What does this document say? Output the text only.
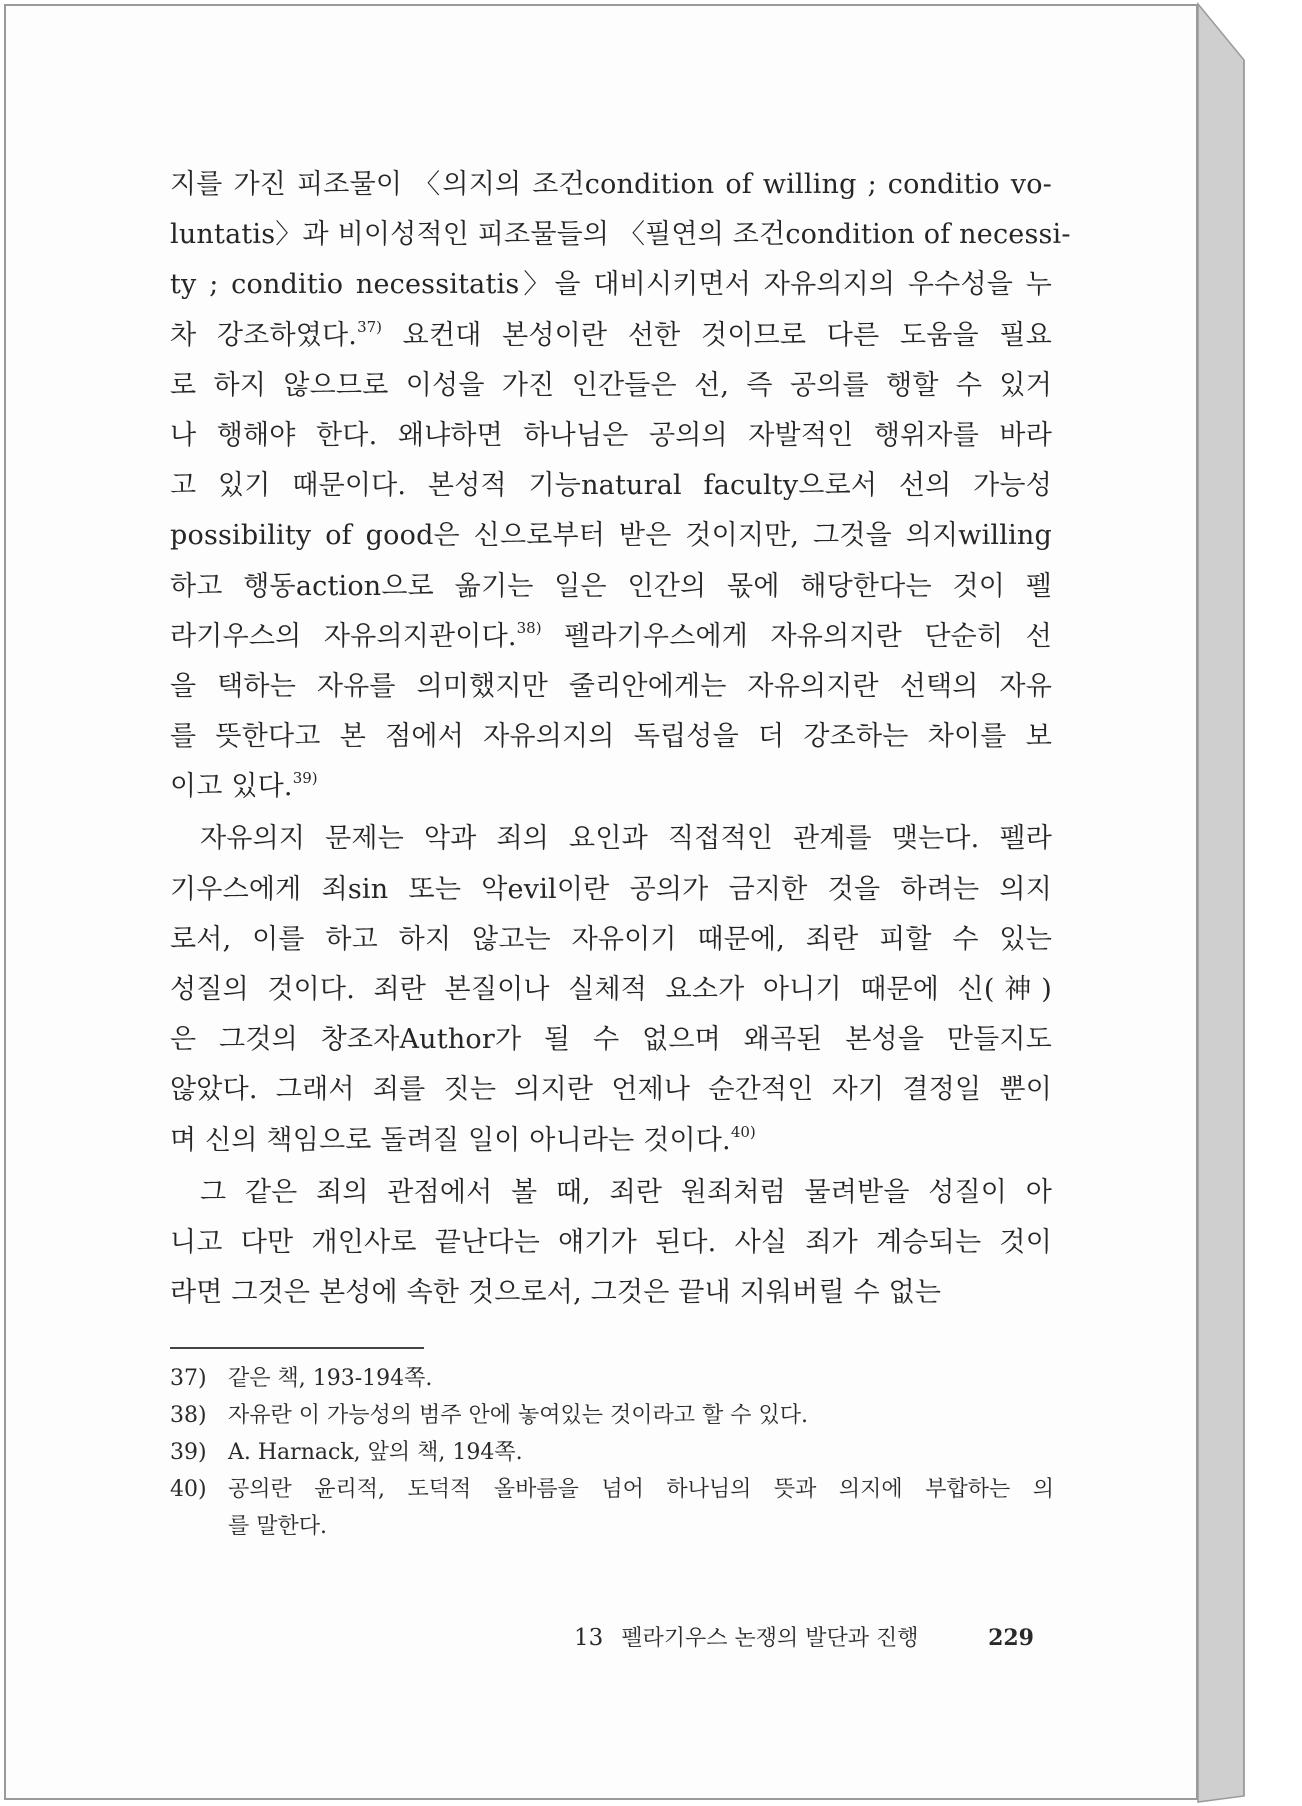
지를 가진 피조물이 〈의지의 조건condition of willing ; conditio vo-
luntatis〉과 비이성적인 피조물들의 〈필연의 조건condition of necessi-
ty ; conditio necessitatis〉을 대비시키면서 자유의지의 우수성을 누
차 강조하였다.$^{37)}$ 요컨대 본성이란 선한 것이므로 다른 도움을 필요
로 하지 않으므로 이성을 가진 인간들은 선, 즉 공의를 행할 수 있거
나 행해야 한다. 왜냐하면 하나님은 공의의 자발적인 행위자를 바라
고 있기 때문이다. 본성적 기능natural faculty으로서 선의 가능성
possibility of good은 신으로부터 받은 것이지만, 그것을 의지willing
하고 행동action으로 옮기는 일은 인간의 몫에 해당한다는 것이 펠
라기우스의 자유의지관이다.$^{38)}$ 펠라기우스에게 자유의지란 단순히 선
을 택하는 자유를 의미했지만 줄리안에게는 자유의지란 선택의 자유
를 뜻한다고 본 점에서 자유의지의 독립성을 더 강조하는 차이를 보
이고 있다.$^{39)}$
자유의지 문제는 악과 죄의 요인과 직접적인 관계를 맺는다. 펠라
기우스에게 죄sin 또는 악evil이란 공의가 금지한 것을 하려는 의지
로서, 이를 하고 하지 않고는 자유이기 때문에, 죄란 피할 수 있는
성질의 것이다. 죄란 본질이나 실체적 요소가 아니기 때문에 신(神)
은 그것의 창조자Author가 될 수 없으며 왜곡된 본성을 만들지도
않았다. 그래서 죄를 짓는 의지란 언제나 순간적인 자기 결정일 뿐이
며 신의 책임으로 돌려질 일이 아니라는 것이다.$^{40)}$
그 같은 죄의 관점에서 볼 때, 죄란 원죄처럼 물려받을 성질이 아
니고 다만 개인사로 끝난다는 얘기가 된다. 사실 죄가 계승되는 것이
라면 그것은 본성에 속한 것으로서, 그것은 끝내 지워버릴 수 없는
37) 같은 책, 193-194쪽.
38) 자유란 이 가능성의 범주 안에 놓여있는 것이라고 할 수 있다.
39) A. Harnack, 앞의 책, 194쪽.
40) 공의란 윤리적, 도덕적 올바름을 넘어 하나님의 뜻과 의지에 부합하는 의
를 말한다.
13 펠라기우스 논쟁의 발단과 진행	229
